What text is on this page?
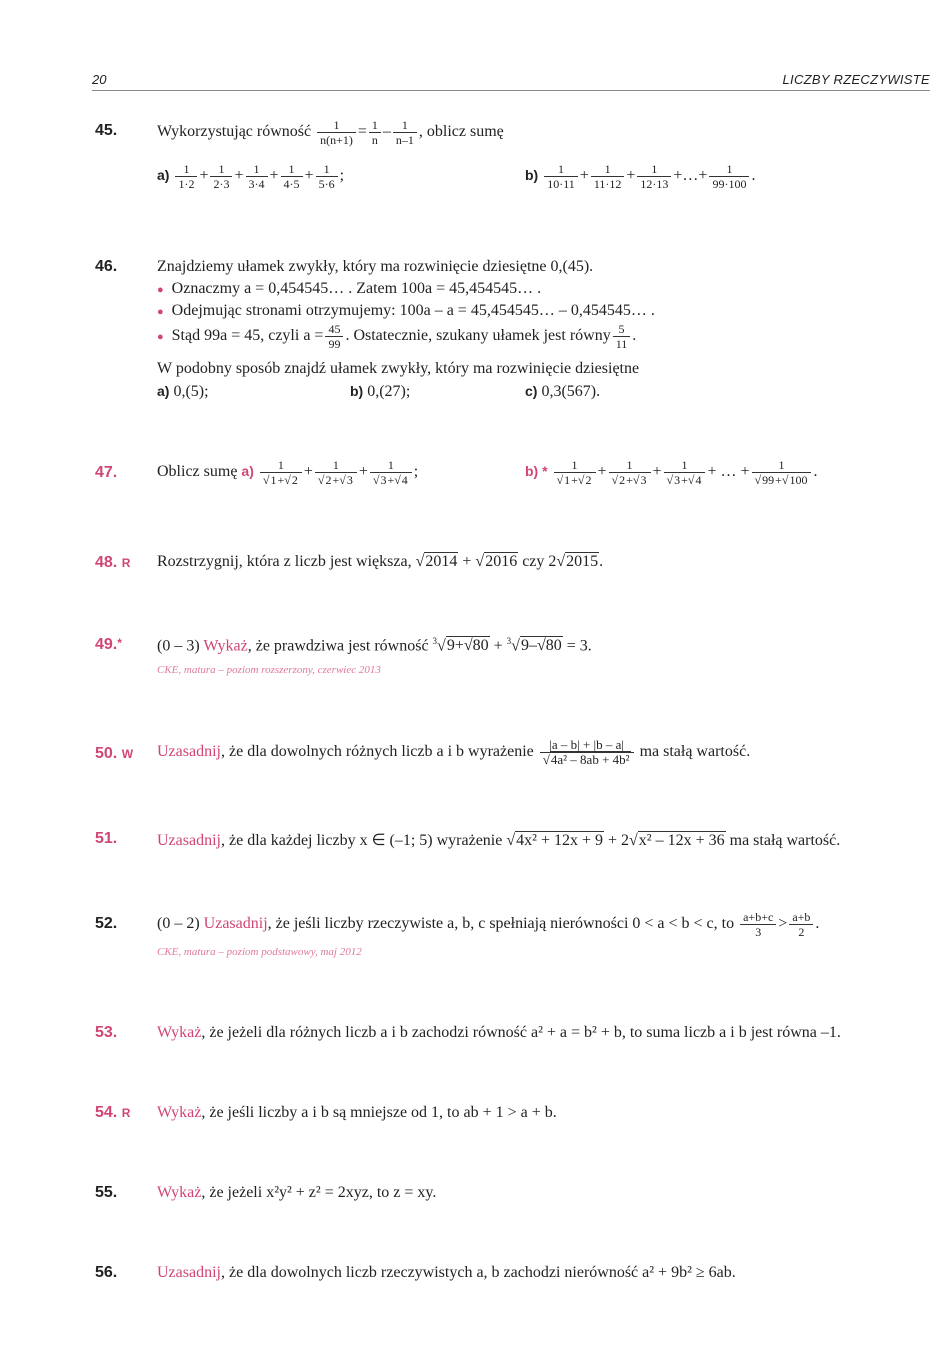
20	LICZBY RZECZYWISTE
45. Wykorzystując równość $\frac{1}{n(n+1)} = \frac{1}{n} - \frac{1}{n-1}$ , oblicz sumę
$a) \frac{1}{1\cdot 2} + \frac{1}{2\cdot 3} + \frac{1}{3\cdot 4} + \frac{1}{4\cdot 5} + \frac{1}{5\cdot 6}$ ;	$b) \frac{1}{10\cdot 11} + \frac{1}{11\cdot 12} + \frac{1}{12\cdot 13}$ +…+ $\frac{1}{99\cdot 100}$ .
46. Znajdziemy ułamek zwykły, który ma rozwinięcie dziesiętne 0,(45).
● Oznaczmy a = 0,454545… . Zatem 100a = 45,454545… .
● Odejmując stronami otrzymujemy: 100a – a = 45,454545… – 0,454545… .
● Stąd 99a = 45, czyli $a = \frac{45}{99}$ . Ostatecznie, szukany ułamek jest równy $\frac{5}{11}$ .
W podobny sposób znajdź ułamek zwykły, który ma rozwinięcie dziesiętne
a) 0,(5);	b) 0,(27);	c) 0,3(567).
47. Oblicz sumę $a) \frac{1}{√1+√2} + \frac{1}{√2+√3} + \frac{1}{√3+√4}$ ;	$b) * \frac{1}{√1+√2} + \frac{1}{√2+√3} + \frac{1}{√3+√4}$ + … + $\frac{1}{√99+√100}$ .
48. R Rozstrzygnij, która z liczb jest większa, √2014 + √2016 czy 2√2015.
49.* (0 – 3) Wykaż, że prawdziwa jest równość $^3$√9+√80 + $^3$√9–√80 = 3.
CKE, matura – poziom rozszerzony, czerwiec 2013
50. W Uzasadnij, że dla dowolnych różnych liczb a i b wyrażenie $\frac{|a - b| + |b - a|}{\text{√4a² – 8ab + 4b²}}$ ma stałą wartość.
51. Uzasadnij, że dla każdej liczby x ∈ (–1; 5) wyrażenie √4x² + 12x + 9 + 2√x² – 12x + 36 ma stałą wartość.
52. (0 – 2) Uzasadnij, że jeśli liczby rzeczywiste a, b, c spełniają nierówności 0 < a < b < c, to $\frac{a+b+c}{3} > \frac{a+b}{2}$ .
CKE, matura – poziom podstawowy, maj 2012
53. Wykaż, że jeżeli dla różnych liczb a i b zachodzi równość a² + a = b² + b, to suma liczb a i b jest równa –1.
54. R Wykaż, że jeśli liczby a i b są mniejsze od 1, to ab + 1 > a + b.
55. Wykaż, że jeżeli x²y² + z² = 2xyz, to z = xy.
56. Uzasadnij, że dla dowolnych liczb rzeczywistych a, b zachodzi nierówność a² + 9b² ≥ 6ab.
